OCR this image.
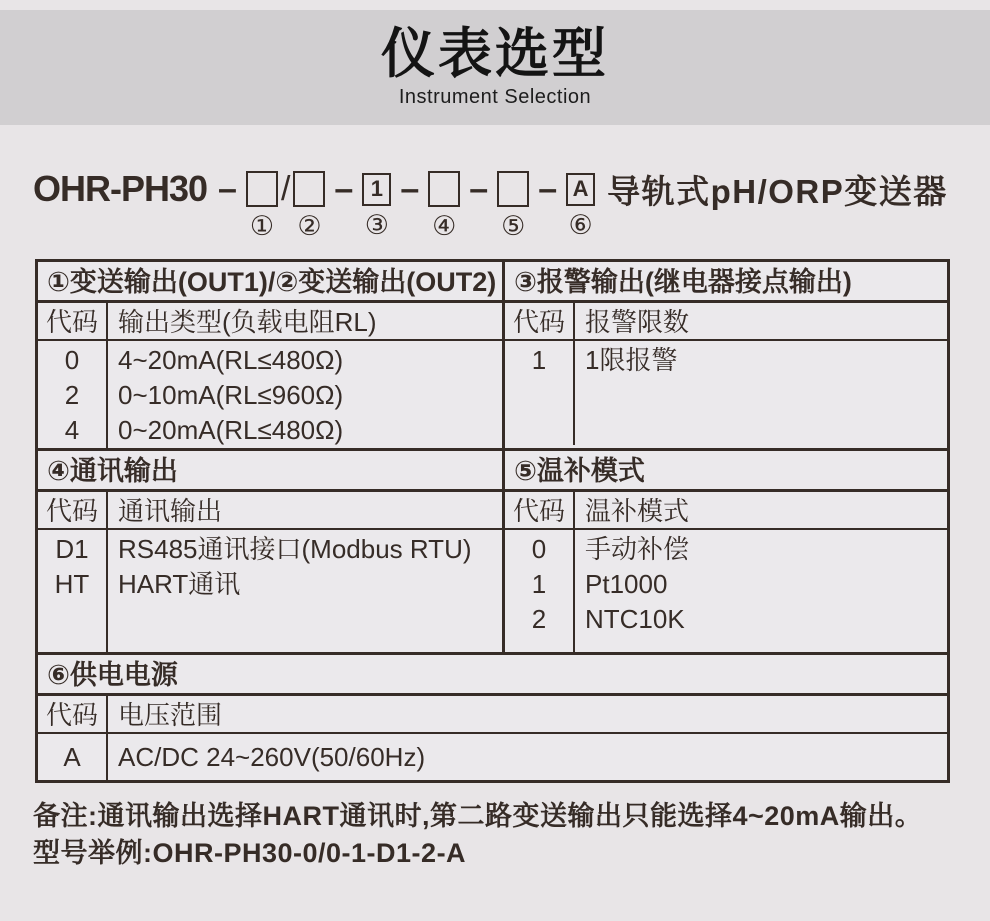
仪表选型
Instrument Selection
OHR-PH30 –
①
/
②
– 1
③
–
④
–
⑤
– A
⑥
导轨式pH/ORP变送器
①变送输出(OUT1)/②变送输出(OUT2)
代码 输出类型(负载电阻RL)
0
2
4
4~20mA(RL≤480Ω)
0~10mA(RL≤960Ω)
0~20mA(RL≤480Ω)
③报警输出(继电器接点输出)
代码 报警限数
1	1限报警
④通讯输出
代码 通讯输出
D1
HT
RS485通讯接口(Modbus RTU)
HART通讯
⑤温补模式
代码 温补模式
0
1
2
手动补偿
Pt1000
NTC10K
⑥供电电源
代码 电压范围
A	AC/DC 24~260V(50/60Hz)
备注:通讯输出选择HART通讯时,第二路变送输出只能选择4~20mA输出。
型号举例:OHR-PH30-0/0-1-D1-2-A
